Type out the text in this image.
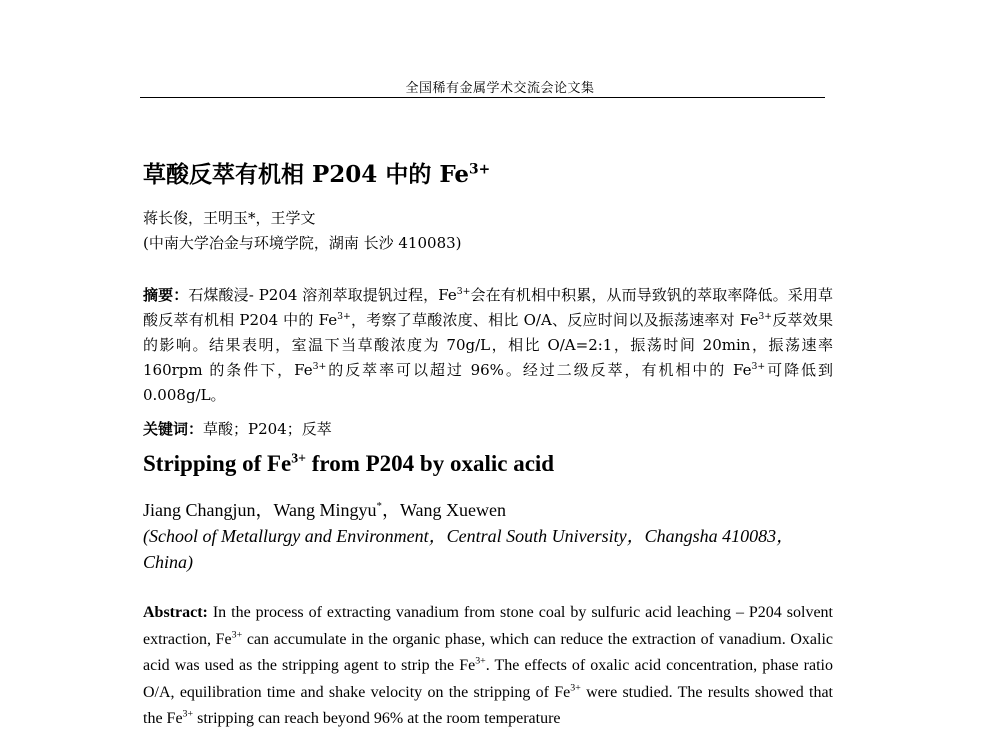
全国稀有金属学术交流会论文集
草酸反萃有机相 P204 中的 $Fe^{3+}$
蒋长俊，王明玉*，王学文
(中南大学冶金与环境学院，湖南 长沙 410083)
摘要：石煤酸浸- P204 溶剂萃取提钒过程，$Fe^{3+}$会在有机相中积累，从而导致钒的萃取率降低。采用草酸反萃有机相 P204 中的 $Fe^{3+}$，考察了草酸浓度、相比 O/A、反应时间以及振荡速率对 $Fe^{3+}$反萃效果的影响。结果表明，室温下当草酸浓度为 70g/L，相比 O/A=2:1，振荡时间 20min，振荡速率 160rpm 的条件下，$Fe^{3+}$的反萃率可以超过 96%。经过二级反萃，有机相中的 $Fe^{3+}$可降低到 0.008g/L。
关键词：草酸；P204；反萃
Stripping of $Fe^{3+}$ from P204 by oxalic acid
Jiang Changjun，Wang Mingyu*，Wang Xuewen
(School of Metallurgy and Environment，Central South University，Changsha 410083，China)
Abstract: In the process of extracting vanadium from stone coal by sulfuric acid leaching – P204 solvent extraction, $Fe^{3+}$ can accumulate in the organic phase, which can reduce the extraction of vanadium. Oxalic acid was used as the stripping agent to strip the $Fe^{3+}$. The effects of oxalic acid concentration, phase ratio O/A, equilibration time and shake velocity on the stripping of $Fe^{3+}$ were studied. The results showed that the $Fe^{3+}$ stripping can reach beyond 96% at the room temperature
